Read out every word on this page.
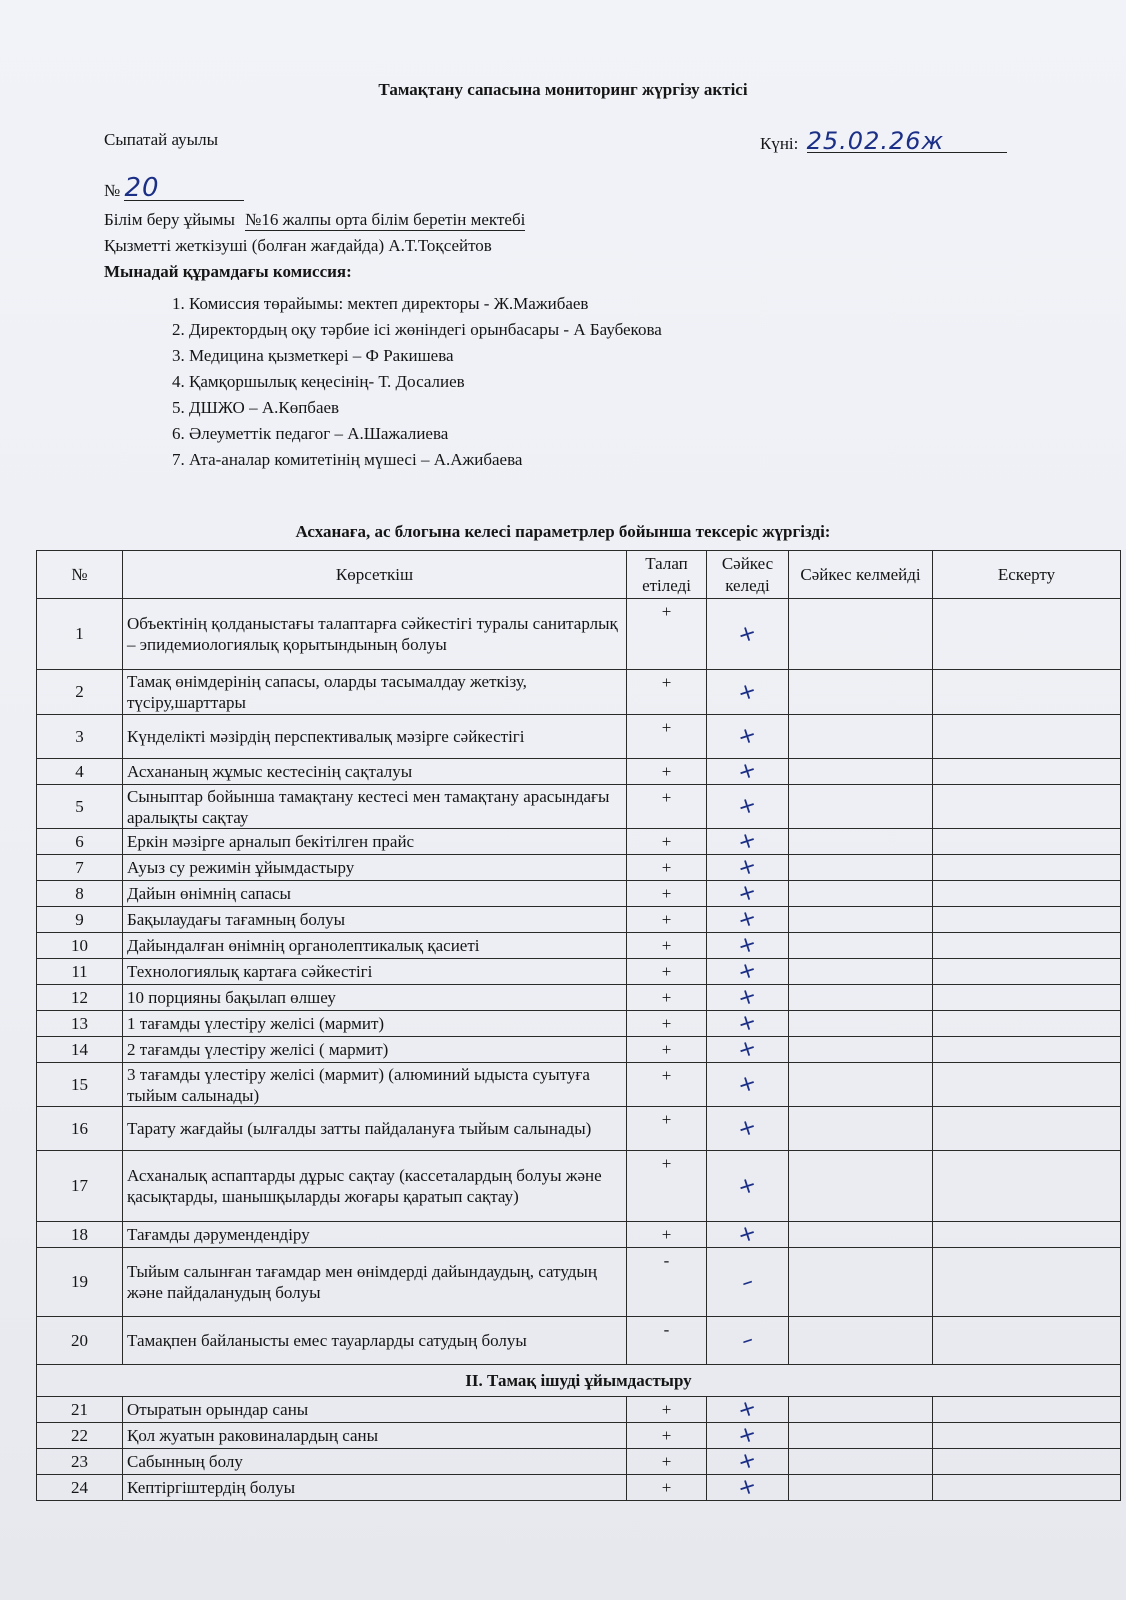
Тамақтану сапасына мониторинг жүргізу актісі
Сыпатай ауылы	Күні: 25.02.26ж
№ 20
Білім беру ұйымы №16 жалпы орта білім беретін мектебі
Қызметті жеткізуші (болған жағдайда) А.Т.Тоқсейтов
Мынадай құрамдағы комиссия:
1. Комиссия төрайымы: мектеп директоры - Ж.Мажибаев
2. Директордың оқу тәрбие ісі жөніндегі орынбасары - А Баубекова
3. Медицина қызметкері – Ф Ракишева
4. Қамқоршылық кеңесінің- Т. Досалиев
5. ДШЖО – А.Көпбаев
6. Әлеуметтік педагог – А.Шажалиева
7. Ата-аналар комитетінің мүшесі – А.Ажибаева
Асханаға, ас блогына келесі параметрлер бойынша тексеріс жүргізді:
№	Көрсеткіш	Талап етіледі	Сәйкес келеді	Сәйкес келмейді	Ескерту
1	Объектінің қолданыстағы талаптарға сәйкестігі туралы санитарлық – эпидемиологиялық қорытындының болуы	+	+		
2	Тамақ өнімдерінің сапасы, оларды тасымалдау жеткізу, түсіру,шарттары	+	+		
3	Күнделікті мәзірдің перспективалық мәзірге сәйкестігі	+	+		
4	Асхананың жұмыс кестесінің сақталуы	+	+		
5	Сыныптар бойынша тамақтану кестесі мен тамақтану арасындағы аралықты сақтау	+	+		
6	Еркін мәзірге арналып бекітілген прайс	+	+		
7	Ауыз су режимін ұйымдастыру	+	+		
8	Дайын өнімнің сапасы	+	+		
9	Бақылаудағы тағамның болуы	+	+		
10	Дайындалған өнімнің органолептикалық қасиеті	+	+		
11	Технологиялық картаға сәйкестігі	+	+		
12	10 порцияны бақылап өлшеу	+	+		
13	1 тағамды үлестіру желісі (мармит)	+	+		
14	2 тағамды үлестіру желісі ( мармит)	+	+		
15	3 тағамды үлестіру желісі (мармит) (алюминий ыдыста суытуға тыйым салынады)	+	+		
16	Тарату жағдайы (ылғалды затты пайдалануға тыйым салынады)	+	+		
17	Асханалық аспаптарды дұрыс сақтау (кассеталардың болуы және қасықтарды, шанышқыларды жоғары қаратып сақтау)	+	+		
18	Тағамды дәрумендендіру	+	+		
19	Тыйым салынған тағамдар мен өнімдерді дайындаудың, сатудың және пайдаланудың болуы	-	–		
20	Тамақпен байланысты емес тауарларды сатудың болуы	-	–		
II. Тамақ ішуді ұйымдастыру					
21	Отыратын орындар саны	+	+		
22	Қол жуатын раковиналардың саны	+	+		
23	Сабынның болу	+	+		
24	Кептіргіштердің болуы	+	+		
